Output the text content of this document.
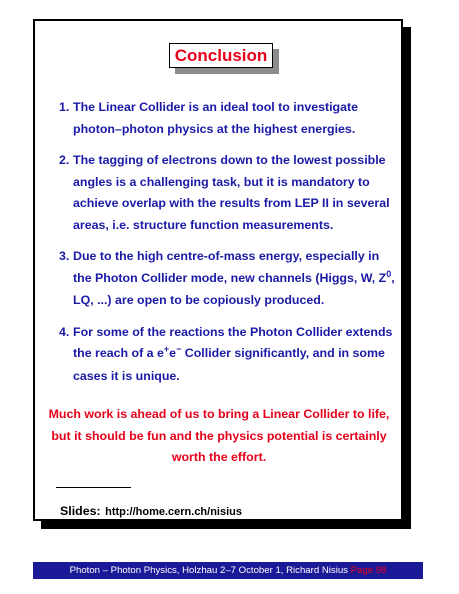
Conclusion
1. The Linear Collider is an ideal tool to investigate photon–photon physics at the highest energies.
2. The tagging of electrons down to the lowest possible angles is a challenging task, but it is mandatory to achieve overlap with the results from LEP II in several areas, i.e. structure function measurements.
3. Due to the high centre-of-mass energy, especially in the Photon Collider mode, new channels (Higgs, W, $Z^0$, LQ, ...) are open to be copiously produced.
4. For some of the reactions the Photon Collider extends the reach of a e+e− Collider significantly, and in some cases it is unique.
Much work is ahead of us to bring a Linear Collider to life, but it should be fun and the physics potential is certainly worth the effort.
Slides: http://home.cern.ch/nisius
Photon – Photon Physics, Holzhau 2–7 October 1, Richard Nisius Page 98
